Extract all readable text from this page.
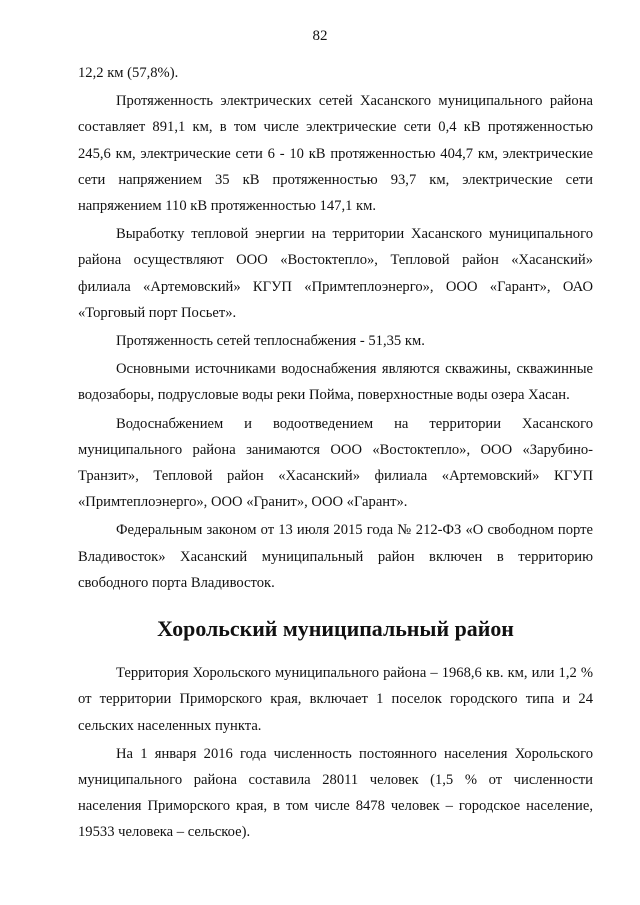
82

12,2 км (57,8%).

Протяженность электрических сетей Хасанского муниципального района составляет 891,1 км, в том числе электрические сети 0,4 кВ протяженностью 245,6 км, электрические сети 6 - 10 кВ протяженностью 404,7 км, электрические сети напряжением 35 кВ протяженностью 93,7 км, электрические сети напряжением 110 кВ протяженностью 147,1 км.

Выработку тепловой энергии на территории Хасанского муниципального района осуществляют ООО «Востоктепло», Тепловой район «Хасанский» филиала «Артемовский» КГУП «Примтеплоэнерго», ООО «Гарант», ОАО «Торговый порт Посьет».

Протяженность сетей теплоснабжения - 51,35 км.

Основными источниками водоснабжения являются скважины, скважинные водозаборы, подрусловые воды реки Пойма, поверхностные воды озера Хасан.

Водоснабжением и водоотведением на территории Хасанского муниципального района занимаются ООО «Востоктепло», ООО «Зарубино-Транзит», Тепловой район «Хасанский» филиала «Артемовский» КГУП «Примтеплоэнерго», ООО «Гранит», ООО «Гарант».

Федеральным законом от 13 июля 2015 года № 212-ФЗ «О свободном порте Владивосток» Хасанский муниципальный район включен в территорию свободного порта Владивосток.

Хорольский муниципальный район

Территория Хорольского муниципального района – 1968,6 кв. км, или 1,2 % от территории Приморского края, включает 1 поселок городского типа и 24 сельских населенных пункта.

На 1 января 2016 года численность постоянного населения Хорольского муниципального района составила 28011 человек (1,5 % от численности населения Приморского края, в том числе 8478 человек – городское население, 19533 человека – сельское).
